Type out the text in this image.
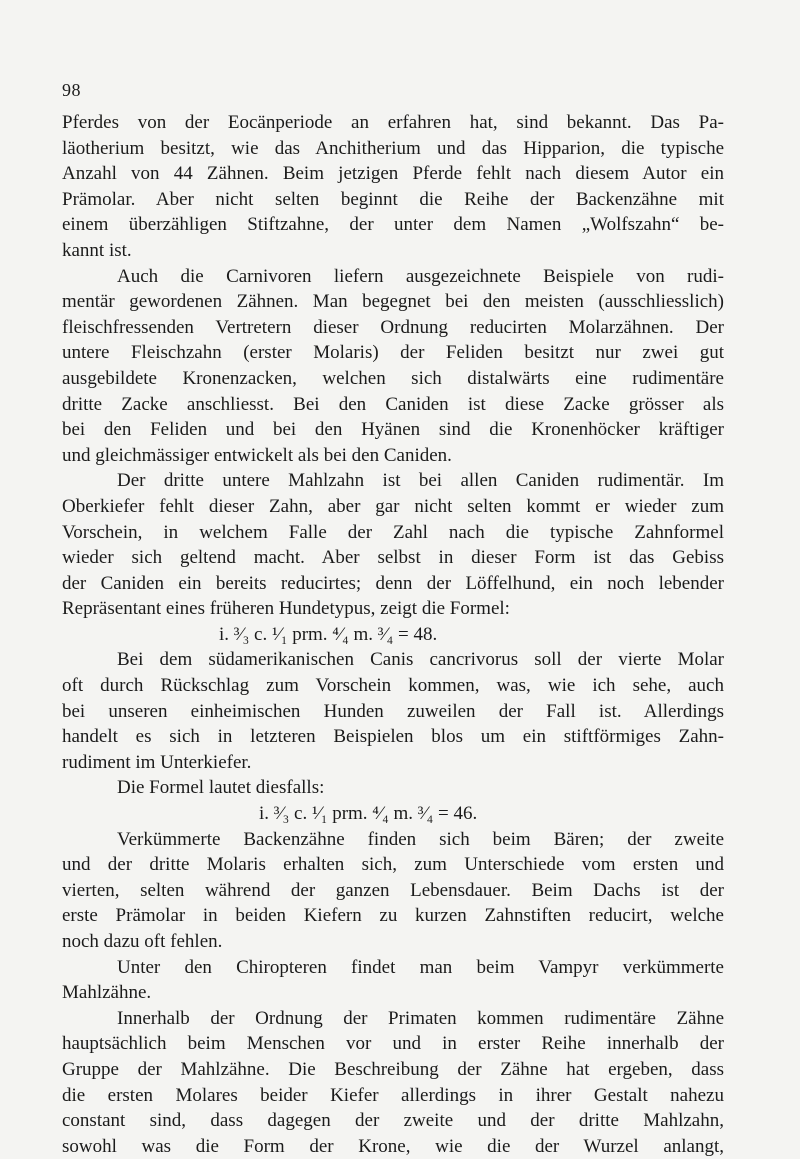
98
Pferdes von der Eocänperiode an erfahren hat, sind bekannt. Das Pa-
läotherium besitzt, wie das Anchitherium und das Hipparion, die typische
Anzahl von 44 Zähnen. Beim jetzigen Pferde fehlt nach diesem Autor ein
Prämolar. Aber nicht selten beginnt die Reihe der Backenzähne mit
einem überzähligen Stiftzahne, der unter dem Namen „Wolfszahn“ be-
kannt ist.
Auch die Carnivoren liefern ausgezeichnete Beispiele von rudi-
mentär gewordenen Zähnen. Man begegnet bei den meisten (ausschliesslich)
fleischfressenden Vertretern dieser Ordnung reducirten Molarzähnen. Der
untere Fleischzahn (erster Molaris) der Feliden besitzt nur zwei gut
ausgebildete Kronenzacken, welchen sich distalwärts eine rudimentäre
dritte Zacke anschliesst. Bei den Caniden ist diese Zacke grösser als
bei den Feliden und bei den Hyänen sind die Kronenhöcker kräftiger
und gleichmässiger entwickelt als bei den Caniden.
Der dritte untere Mahlzahn ist bei allen Caniden rudimentär. Im
Oberkiefer fehlt dieser Zahn, aber gar nicht selten kommt er wieder zum
Vorschein, in welchem Falle der Zahl nach die typische Zahnformel
wieder sich geltend macht. Aber selbst in dieser Form ist das Gebiss
der Caniden ein bereits reducirtes; denn der Löffelhund, ein noch lebender
Repräsentant eines früheren Hundetypus, zeigt die Formel:
i. ³⁄₃ c. ¹⁄₁ prm. ⁴⁄₄ m. ³⁄₄ = 48.
Bei dem südamerikanischen Canis cancrivorus soll der vierte Molar
oft durch Rückschlag zum Vorschein kommen, was, wie ich sehe, auch
bei unseren einheimischen Hunden zuweilen der Fall ist. Allerdings
handelt es sich in letzteren Beispielen blos um ein stiftförmiges Zahn-
rudiment im Unterkiefer.
Die Formel lautet diesfalls:
i. ³⁄₃ c. ¹⁄₁ prm. ⁴⁄₄ m. ³⁄₄ = 46.
Verkümmerte Backenzähne finden sich beim Bären; der zweite
und der dritte Molaris erhalten sich, zum Unterschiede vom ersten und
vierten, selten während der ganzen Lebensdauer. Beim Dachs ist der
erste Prämolar in beiden Kiefern zu kurzen Zahnstiften reducirt, welche
noch dazu oft fehlen.
Unter den Chiropteren findet man beim Vampyr verkümmerte
Mahlzähne.
Innerhalb der Ordnung der Primaten kommen rudimentäre Zähne
hauptsächlich beim Menschen vor und in erster Reihe innerhalb der
Gruppe der Mahlzähne. Die Beschreibung der Zähne hat ergeben, dass
die ersten Molares beider Kiefer allerdings in ihrer Gestalt nahezu
constant sind, dass dagegen der zweite und der dritte Mahlzahn,
sowohl was die Form der Krone, wie die der Wurzel anlangt,
